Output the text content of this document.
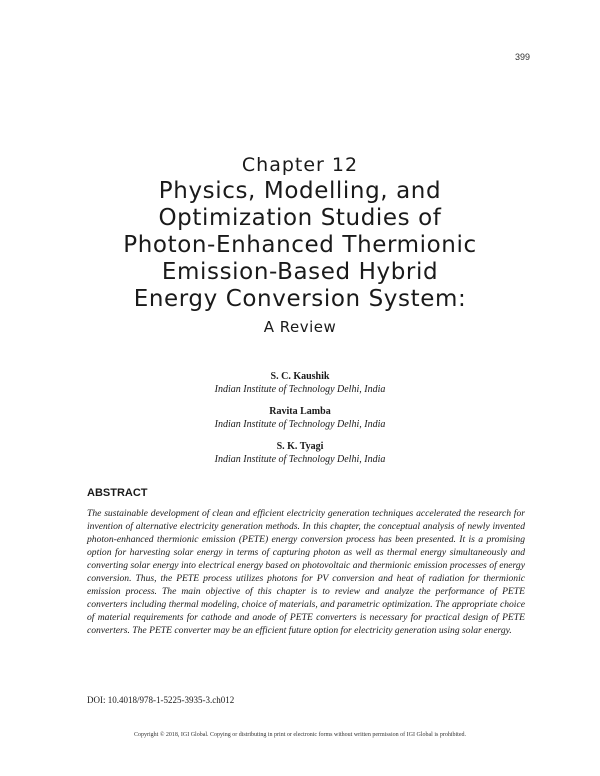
399
Chapter 12
Physics, Modelling, and
Optimization Studies of
Photon-Enhanced Thermionic
Emission-Based Hybrid
Energy Conversion System:
A Review
S. C. Kaushik
Indian Institute of Technology Delhi, India
Ravita Lamba
Indian Institute of Technology Delhi, India
S. K. Tyagi
Indian Institute of Technology Delhi, India
ABSTRACT
The sustainable development of clean and efficient electricity generation techniques accelerated the research for invention of alternative electricity generation methods. In this chapter, the conceptual analysis of newly invented photon-enhanced thermionic emission (PETE) energy conversion process has been presented. It is a promising option for harvesting solar energy in terms of capturing photon as well as thermal energy simultaneously and converting solar energy into electrical energy based on photovoltaic and thermionic emission processes of energy conversion. Thus, the PETE process utilizes photons for PV conversion and heat of radiation for thermionic emission process. The main objective of this chapter is to review and analyze the performance of PETE converters including thermal modeling, choice of materials, and parametric optimization. The appropriate choice of material requirements for cathode and anode of PETE converters is necessary for practical design of PETE converters. The PETE converter may be an efficient future option for electricity generation using solar energy.
DOI: 10.4018/978-1-5225-3935-3.ch012
Copyright © 2018, IGI Global. Copying or distributing in print or electronic forms without written permission of IGI Global is prohibited.
